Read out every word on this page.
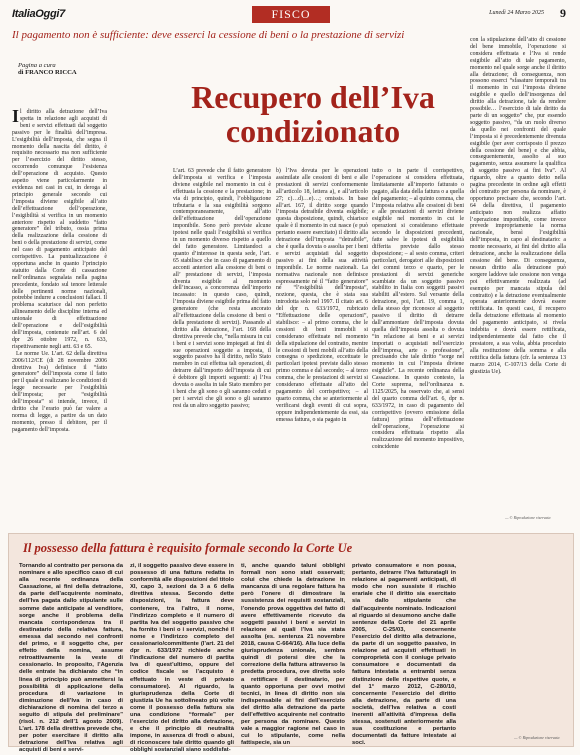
ItaliaOggi7	FISCO	Lunedì 24 Marzo 2025 9
Il pagamento non è sufficiente: deve esserci la cessione di beni o la prestazione di servizi
Pagina a cura
di FRANCO RICCA
Recupero dell’Iva condizionato
I l diritto alla detrazione dell’Iva spetta in relazione agli acquisti di beni e servizi effettuati dal soggetto passivo per le finalità dell’impresa. L’esigibilità dell’imposta, che segna il momento della nascita del diritto, è requisito necessario ma non sufficiente per l’esercizio del diritto stesso, occorrendo comunque l’esistenza dell’operazione di acquisto. Questo aspetto viene particolarmente in evidenza nei casi in cui, in deroga al principio generale secondo cui l’imposta diviene esigibile all’atto dell’effettuazione dell’operazione, l’esigibilità si verifica in un momento anteriore rispetto al suddetto “fatto generatore” del tributo, ossia prima della realizzazione della cessione di beni o della prestazione di servizi, come nel caso di pagamento anticipato del corrispettivo. La puntualizzazione è opportuna anche in quanto l’principio statuito dalla Corte di cassazione nell’ordinanza segnalata nella pagina precedente, fondato sul tenore letterale delle pertinenti norme nazionali, potrebbe indurre a conclusioni fallaci. Il problema scaturisce dal non perfetto allineamento delle discipline interna ed unionale di effettuazione dell’operazione e dell’esigibilità dell’imposta, contenute nell’art. 6 del dpr 26 ottobre 1972, n. 633, rispettivamente negli artt. 63 e 65.

Le norme Ue. L’art. 62 della direttiva 2006/112/CE (di 28 novembre 2006 direttiva Iva) definisce il “fatto generatore” dell’imposta come il fatto per il quale si realizzano le condizioni di legge necessarie per l’esigibilità dell’imposta; per “esigibilità dell’imposta” si intende, invece, il diritto che l’erario può far valere a norma di legge, a partire da un dato momento, presso il debitore, per il pagamento dell’imposta.

L’art. 63 prevede che il fatto generatore dell’imposta si verifica e l’imposta diviene esigibile nel momento in cui è effettuata la cessione e la prestazione; in via di principio, quindi, l’obbligazione tributaria e la sua esigibilità sorgono contemporaneamente, all’atto dell’effettuazione dell’operazione imponibile. Sono però previste alcune ipotesi nelle quali l’esigibilità si verifica in un momento diverso rispetto a quello del fatto generatore. Limitandoci a quanto d’interesse in questa sede, l’art. 65 stabilisce che in caso di pagamento di acconti anteriori alla cessione di beni o all’ prestazione di servizi, l’imposta diventa esigibile al momento dell’incasso, a concorrenza dell’importo incassato: in questo caso, quindi, l’imposta diviene esigibile prima del fatto generatore (che resta ancorato all’effettuazione della cessione di beni o della prestazione di servizi). Passando al diritto alla detrazione, l’art. 168 della direttiva prevede che, “nella misura in cui i beni e i servizi sono impiegati ai fini di sue operazioni soggette a imposta, il soggetto passivo ha il diritto, nello Stato membro in cui effettua tali operazioni, di detrarre dall’importo dell’imposta di cui è debitore gli importi seguenti: a) l’Iva dovuta o assolta in tale Stato membro per i beni che gli sono o gli saranno ceduti e per i servizi che gli sono o gli saranno resi da un altro soggetto passivo;

b) l’Iva dovuta per le operazioni assimilate alle cessioni di beni e alle prestazioni di servizi conformemente all’articolo 18, lettera a), e all’articolo 27; c)…d)…e)…; omissis. In base all’art. 167, il diritto sorge quando l’imposta detraibile diventa esigibile; questa disposizione, quindi, chiarisce quale è il momento in cui nasce (e può pertanto essere esercitato) il diritto alla detrazione dell’imposta “detraibile”, che è quella dovuta o assolta per i beni e servizi acquistati dal soggetto passivo ai fini della sua attività imponibile. Le norme nazionali. La normativa nazionale non definisce espressamente né il “fatto generatore” né “l’esigibilità dell’imposta”, nozione, questa, che è stata sua introdotta solo nel 1997. Il citato art. 6 del dpr n. 633/1972, rubricato “Effettuazione delle operazioni”, stabilisce: – al primo comma, che le cessioni di beni immobili si considerano effettuate nel momento della stipulazione del contratto, mentre le cessioni di beni mobili all’atto della consegna o spedizione, eccettuate le particolari ipotesi previste dallo stesso primo comma e dal secondo; – al terzo comma, che le prestazioni di servizi si considerano effettuate all’atto del pagamento del corrispettivo; – al quarto comma, che se anteriormente al verificarsi degli eventi di cui sopra, oppure indipendentemente da essi, sia emessa fattura, o sia pagato in

tutto o in parte il corrispettivo, l’operazione si considera effettuata, limitatamente all’importo fatturato o pagato, alla data della fattura o a quella del pagamento; – al quinto comma, che l’imposta relativa alle cessioni di beni e alle prestazioni di servizi diviene esigibile nel momento in cui le operazioni si considerano effettuate secondo le disposizioni precedenti, fatte salve le ipotesi di esigibilità differita previste dallo stesso disposizione; – al sesto comma, criteri particolari, derogatori alle disposizioni dei commi terzo e quarto, per le prestazioni di servizi generiche scambiate da un soggetto passivo stabilito in Italia con soggetti passivi stabiliti all’estero. Sul versante della detrazione, poi, l’art. 19, comma 1, della stesso dpr riconosce al soggetto passivo il diritto di detrarre dall’ammontare dell’imposta dovuta quella dell’imposta assolta o dovuta “in relazione ai beni e ai servizi importati o acquistati nell’esercizio dell’impresa, arte o professione”, precisando che tale diritto “sorge nel momento in cui l’imposta diviene esigibile”. La recente ordinanza della Cassazione. In questo contesto, la Corte suprema, nell’ordinanza n. 1125/2025, ha osservato che, ai sensi del quarto comma dell’art. 6, dpr n. 633/1972, in caso di pagamento del corrispettivo (ovvero emissione della fattura) prima dell’effettuazione dell’operazione, l’operazione si considera effettuata rispetto alla realizzazione del momento impositivo, coincidente

con la stipulazione dell’atto di cessione del bene immobile, l’operazione si considera effettuata e l’Iva si rende esigibile all’atto di tale pagamento, momento nel quale sorge anche il diritto alla detrazione; di conseguenza, non possono esserci “sfasature temporali tra il momento in cui l’imposta diviene esigibile e quello dell’insorgenza del diritto alla detrazione, tale da rendere possibile… l’esercizio di tale diritto da parte di un soggetto” che, pur essendo soggetto passivo, “da un ruolo diverso da quello nei confronti del quale l’imposta si è precedentemente divenuta esigibile (per aver corrisposto il prezzo della cessione del bene) e che abbia, conseguentemente, assolto al suo pagamento, senza assumere la qualifica di soggetto passivo ai fini Iva”. Al riguardo, oltre a quanto detto nella pagina precedente in ordine agli effetti del contratto per persona da nominare, è opportuno precisare che, secondo l’art. 64 della direttiva, il pagamento anticipato non realizza affatto l’operazione imponibile, come invece prevede impropriamente la norma nazionale, bensì l’esigibilità dell’imposta, in capo al destinatario: a monte necessario, ai fini del diritto alla detrazione, anche la realizzazione della cessione del bene. Di conseguenza, nessun diritto alla detrazione può sorgere laddove tale cessione non venga poi effettivamente realizzata (ad esempio per mancata stipula del contratto) e la detrazione eventualmente operata anteriormente dovrà essere rettificata. In questi casi, il recupero della detrazione effettuata al momento del pagamento anticipato, si rivela indebita e dovrà essere rettificata, indipendentemente dal fatto che il prestatore, a sua volta, abbia proceduto alla restituzione della somma e alla rettifica della fattura (cfr. la sentenza 13 marzo 2014, C-107/13 della Corte di giustizia Ue).

— © Riproduzione riservata
Il possesso della fattura è requisito formale secondo la Corte Ue

Tornando al contratto per persona da nominare e allo specifico caso di cui alla recente ordinanza della Cassazione, ai fini della detrazione, da parte dell’acquirente nominato, dell’Iva pagata dallo stipulante sulle somme date anticipate al venditore, sorge anche il problema della mancata corrispondenza tra il destinatario della relativa fattura, emessa dal secondo nei confronti del primo, e il soggetto che, per effetto della nomina, assume retroattivamente la veste di cessionario. In proposito, l’Agenzia delle entrate ha dichiarato che “in linea di principio può ammettersi la possibilità di applicazione della procedura di variazione in diminuzione dell’Iva in caso di dichiarazione di nomina del terzo a seguito di stipula del preliminare” (risol. n. 212 dell’1 agosto 2009). L’art. 178 della direttiva prevede che, per poter esercitare il diritto alla detrazione dell’Iva relativa agli acquisti di beni e servi-

zi, il soggetto passivo deve essere in possesso di una fattura redatta in conformità alle disposizioni del titolo XI, capo 3, sezioni da 3 a 6 della direttiva stessa. Secondo dette disposizioni, la fattura deve contenere, tra l’altro, il nome, l’indirizzo completo e il numero di partita Iva del soggetto passivo che ha fornito i beni o i servizi, nonché il nome e l’indirizzo completo del cessionario/committente (l’art. 21 del dpr n. 633/1972 richiede anche l’indicazione del numero di partita Iva di quest’ultimo, oppure del codice fiscale se l’acquisto è effettuato in veste di privato consumatore). Al riguardo, la giurisprudenza della Corte di giustizia Ue ha sottolineato più volte come il possesso della fattura sia una condizione “formale” per l’esercizio del diritto alla detrazione, e che il principio di neutralità impone, in assenza di frodi o abusi, di riconoscere tale diritto quando gli obblighi sostanziali siano soddisfat-

ti, anche quando taluni obblighi formali non sono stati osservati; colui che chiede la detrazione in mancanza di una regolare fattura ha però l’onere di dimostrare la sussistenza dei requisiti sostanziali, l’onendo prova oggettiva del fatto di avere effettivamente ricevuto da soggetti passivi i beni e servizi in relazione ai quali l’Iva sia stata assolta (es. sentenza 21 novembre 2018, causa C-664/16). Alla luce della giurisprudenza unionale, sembra quindi di potersi dire che la correzione della fattura attraverso la predetta procedura, ove diretta solo a rettificare il destinatario, per quanto opportuna per ovvi motivi tecnici, in linea di diritto non sia indispensabile ai fini dell’esercizio del diritto alla detrazione da parte dell’effettivo acquirente nel contratto per persona da nominare. Questo vale a maggior ragione nel caso in cui lo stipulante, come nella fattispecie, sia un

privato consumatore e non possa, pertanto, detrarre l’Iva fatturatagli in relazione ai pagamenti anticipati, di modo che non sussiste il rischio erariale che il diritto sia esercitato sia dallo stipulante che dall’acquirente nominato. Indicazioni al riguardo si desumono anche dalle sentenze della Corte del 21 aprile 2005, C-25/03, concernente l’esercizio del diritto alla detrazione, da parte di un soggetto passivo, in relazione ad acquisti effettuati in comproprietà con il coniuge privato consumatore e documentati da fattura intestata a entrambi senza distinzione delle rispettive quote, e del 1° marzo 2012, C-280/10, concernente l’esercizio del diritto alla detrazione, da parte di una società, dell’Iva relativa a costi inerenti all’attività d’impresa della stessa, sostenuti anteriormente alla sua costituzione e pertanto documentati da fatture intestate ai soci.

— © Riproduzione riservata
